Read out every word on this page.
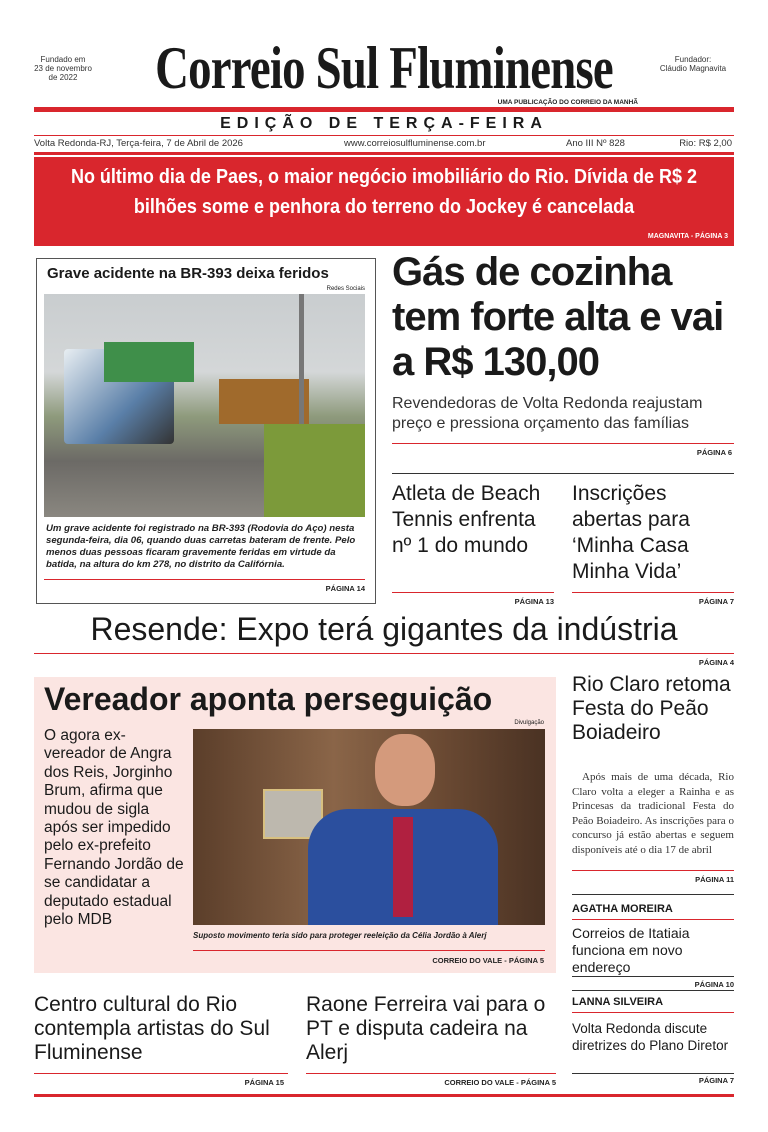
Fundado em
23 de novembro
de 2022
Fundador:
Cláudio Magnavita
Correio Sul Fluminense
UMA PUBLICAÇÃO DO CORREIO DA MANHÃ
EDIÇÃO DE TERÇA-FEIRA
Volta Redonda-RJ, Terça-feira, 7 de Abril de 2026	www.correiosulfluminense.com.br	Ano III Nº 828	Rio: R$ 2,00
No último dia de Paes, o maior negócio imobiliário do Rio. Dívida de R$ 2 bilhões some e penhora do terreno do Jockey é cancelada
MAGNAVITA - PÁGINA 3
Grave acidente na BR-393 deixa feridos
Redes Sociais
Um grave acidente foi registrado na BR-393 (Rodovia do Aço) nesta segunda-feira, dia 06, quando duas carretas bateram de frente. Pelo menos duas pessoas ficaram gravemente feridas em virtude da batida, na altura do km 278, no distrito da Califórnia.
PÁGINA 14
Gás de cozinha tem forte alta e vai a R$ 130,00
Revendedoras de Volta Redonda reajustam preço e pressiona orçamento das famílias
PÁGINA 6
Atleta de Beach Tennis enfrenta nº 1 do mundo
PÁGINA 13
Inscrições abertas para ‘Minha Casa Minha Vida’
PÁGINA 7
Resende: Expo terá gigantes da indústria
PÁGINA 4
Vereador aponta perseguição
Divulgação
O agora ex-vereador de Angra dos Reis, Jorginho Brum, afirma que mudou de sigla após ser impedido pelo ex-prefeito Fernando Jordão de se candidatar a deputado estadual pelo MDB
Suposto movimento teria sido para proteger reeleição da Célia Jordão à Alerj
CORREIO DO VALE - PÁGINA 5
Rio Claro retoma Festa do Peão Boiadeiro
Após mais de uma década, Rio Claro volta a eleger a Rainha e as Princesas da tradicional Festa do Peão Boiadeiro. As inscrições para o concurso já estão abertas e seguem disponíveis até o dia 17 de abril
PÁGINA 11
AGATHA MOREIRA
Correios de Itatiaia funciona em novo endereço
PÁGINA 10
LANNA SILVEIRA
Volta Redonda discute diretrizes do Plano Diretor
PÁGINA 7
Centro cultural do Rio contempla artistas do Sul Fluminense
PÁGINA 15
Raone Ferreira vai para o PT e disputa cadeira na Alerj
CORREIO DO VALE - PÁGINA 5
